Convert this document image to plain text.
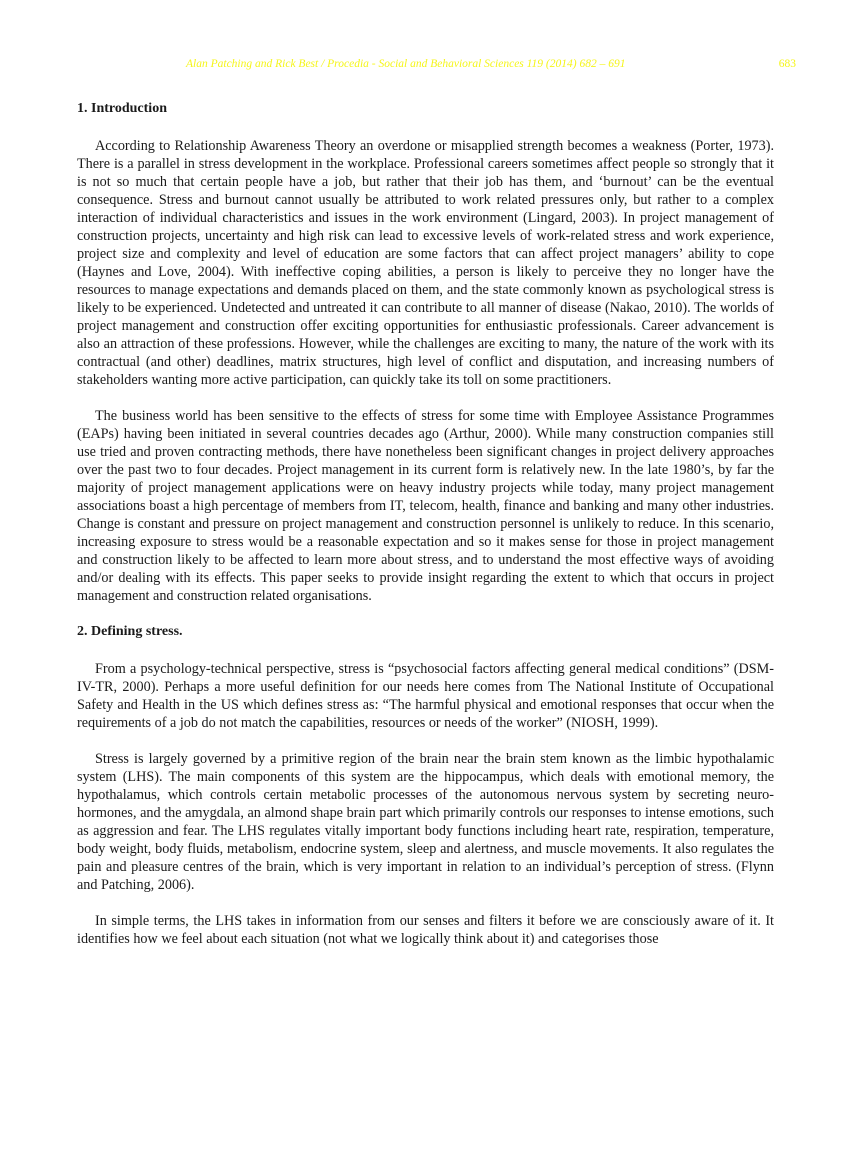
Alan Patching and Rick Best / Procedia - Social and Behavioral Sciences 119 (2014) 682 – 691	683
1. Introduction

According to Relationship Awareness Theory an overdone or misapplied strength becomes a weakness (Porter, 1973). There is a parallel in stress development in the workplace. Professional careers sometimes affect people so strongly that it is not so much that certain people have a job, but rather that their job has them, and ‘burnout’ can be the eventual consequence. Stress and burnout cannot usually be attributed to work related pressures only, but rather to a complex interaction of individual characteristics and issues in the work environment (Lingard, 2003). In project management of construction projects, uncertainty and high risk can lead to excessive levels of work-related stress and work experience, project size and complexity and level of education are some factors that can affect project managers’ ability to cope (Haynes and Love, 2004). With ineffective coping abilities, a person is likely to perceive they no longer have the resources to manage expectations and demands placed on them, and the state commonly known as psychological stress is likely to be experienced. Undetected and untreated it can contribute to all manner of disease (Nakao, 2010). The worlds of project management and construction offer exciting opportunities for enthusiastic professionals. Career advancement is also an attraction of these professions. However, while the challenges are exciting to many, the nature of the work with its contractual (and other) deadlines, matrix structures, high level of conflict and disputation, and increasing numbers of stakeholders wanting more active participation, can quickly take its toll on some practitioners.

The business world has been sensitive to the effects of stress for some time with Employee Assistance Programmes (EAPs) having been initiated in several countries decades ago (Arthur, 2000). While many construction companies still use tried and proven contracting methods, there have nonetheless been significant changes in project delivery approaches over the past two to four decades. Project management in its current form is relatively new. In the late 1980’s, by far the majority of project management applications were on heavy industry projects while today, many project management associations boast a high percentage of members from IT, telecom, health, finance and banking and many other industries. Change is constant and pressure on project management and construction personnel is unlikely to reduce. In this scenario, increasing exposure to stress would be a reasonable expectation and so it makes sense for those in project management and construction likely to be affected to learn more about stress, and to understand the most effective ways of avoiding and/or dealing with its effects. This paper seeks to provide insight regarding the extent to which that occurs in project management and construction related organisations.

2. Defining stress.

From a psychology-technical perspective, stress is “psychosocial factors affecting general medical conditions” (DSM-IV-TR, 2000). Perhaps a more useful definition for our needs here comes from The National Institute of Occupational Safety and Health in the US which defines stress as: “The harmful physical and emotional responses that occur when the requirements of a job do not match the capabilities, resources or needs of the worker” (NIOSH, 1999).

Stress is largely governed by a primitive region of the brain near the brain stem known as the limbic hypothalamic system (LHS). The main components of this system are the hippocampus, which deals with emotional memory, the hypothalamus, which controls certain metabolic processes of the autonomous nervous system by secreting neuro-hormones, and the amygdala, an almond shape brain part which primarily controls our responses to intense emotions, such as aggression and fear. The LHS regulates vitally important body functions including heart rate, respiration, temperature, body weight, body fluids, metabolism, endocrine system, sleep and alertness, and muscle movements. It also regulates the pain and pleasure centres of the brain, which is very important in relation to an individual’s perception of stress. (Flynn and Patching, 2006).

In simple terms, the LHS takes in information from our senses and filters it before we are consciously aware of it. It identifies how we feel about each situation (not what we logically think about it) and categorises those
